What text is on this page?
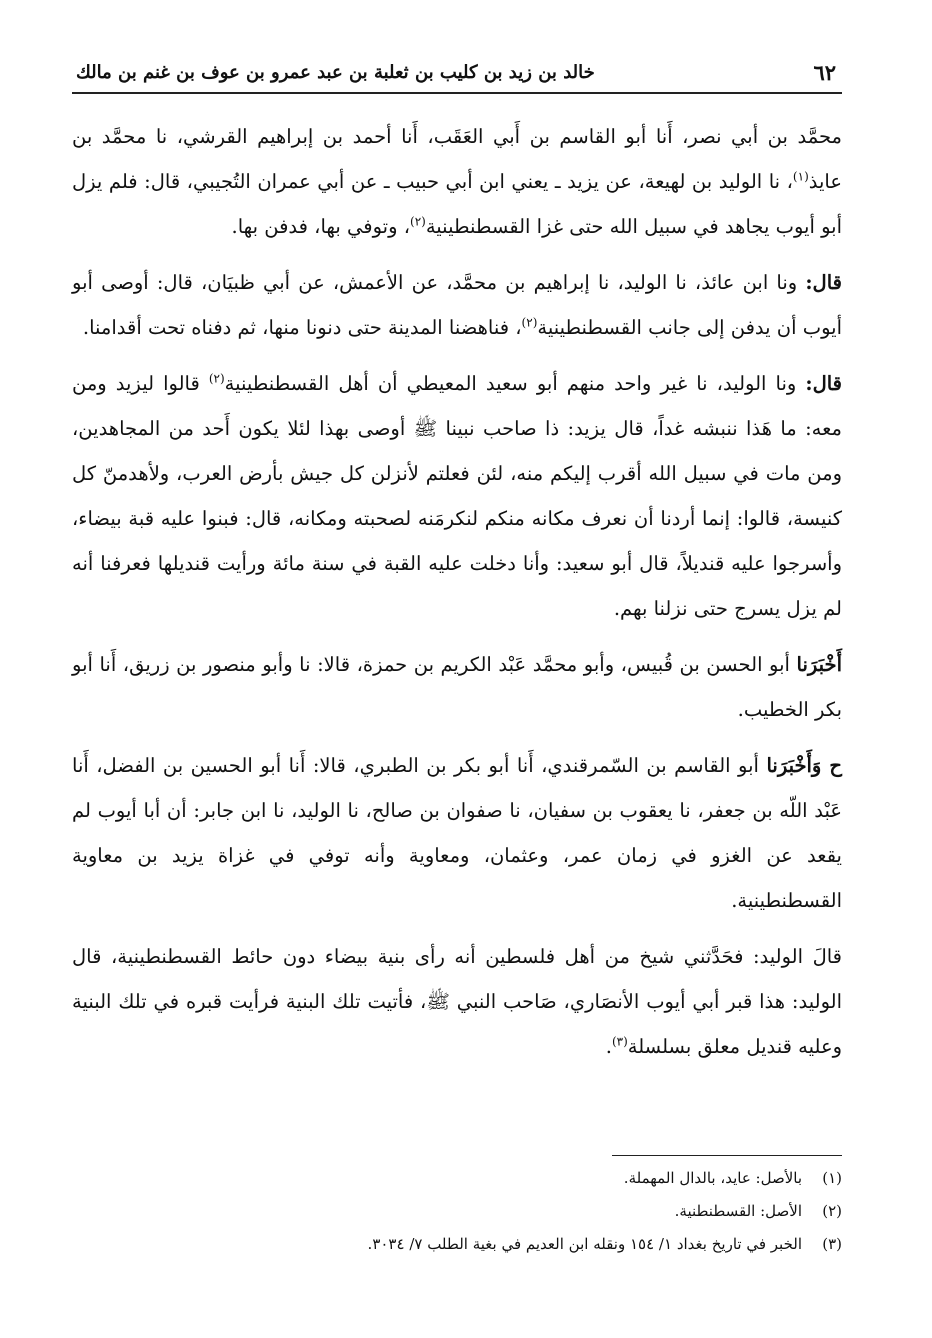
٦٢
خالد بن زيد بن كليب بن ثعلبة بن عبد عمرو بن عوف بن غنم بن مالك

محمَّد بن أبي نصر، أَنا أبو القاسم بن أَبي العَقَب، أَنا أحمد بن إبراهيم القرشي، نا محمَّد بن عايذ$^{(١)}$، نا الوليد بن لهيعة، عن يزيد ـ يعني ابن أبي حبيب ـ عن أبي عمران التُجيبي، قال: فلم يزل أبو أيوب يجاهد في سبيل الله حتى غزا القسطنطينية$^{(٢)}$، وتوفي بها، فدفن بها.

قال: ونا ابن عائذ، نا الوليد، نا إبراهيم بن محمَّد، عن الأعمش، عن أبي ظبيَان، قال: أوصى أبو أيوب أن يدفن إلى جانب القسطنطينية$^{(٢)}$، فناهضنا المدينة حتى دنونا منها، ثم دفناه تحت أقدامنا.

قال: ونا الوليد، نا غير واحد منهم أبو سعيد المعيطي أن أهل القسطنطينية$^{(٢)}$ قالوا ليزيد ومن معه: ما هَذا ننبشه غداً، قال يزيد: ذا صاحب نبينا ﷺ أوصى بهذا لئلا يكون أَحد من المجاهدين، ومن مات في سبيل الله أقرب إليكم منه، لئن فعلتم لأنزلن كل جيش بأرض العرب، ولأهدمنّ كل كنيسة، قالوا: إنما أردنا أن نعرف مكانه منكم لنكرمَنه لصحبته ومكانه، قال: فبنوا عليه قبة بيضاء، وأسرجوا عليه قنديلاً، قال أبو سعيد: وأنا دخلت عليه القبة في سنة مائة ورأيت قنديلها فعرفنا أنه لم يزل يسرج حتى نزلنا بهم.

أَخْبَرَنا أبو الحسن بن قُبيس، وأبو محمَّد عَبْد الكريم بن حمزة، قالا: نا وأبو منصور بن زريق، أَنا أبو بكر الخطيب.

ح وَأَخْبَرَنا أبو القاسم بن السّمرقندي، أَنا أبو بكر بن الطبري، قالا: أَنا أبو الحسين بن الفضل، أَنا عَبْد اللّه بن جعفر، نا يعقوب بن سفيان، نا صفوان بن صالح، نا الوليد، نا ابن جابر: أن أبا أيوب لم يقعد عن الغزو في زمان عمر، وعثمان، ومعاوية وأنه توفي في غزاة يزيد بن معاوية القسطنطينية.

قالَ الوليد: فحَدَّثني شيخ من أهل فلسطين أنه رأى بنية بيضاء دون حائط القسطنطينية، قال الوليد: هذا قبر أبي أيوب الأنصَاري، صَاحب النبي ﷺ، فأتيت تلك البنية فرأيت قبره في تلك البنية وعليه قنديل معلق بسلسلة$^{(٣)}$.

(١)
بالأصل: عايد، بالدال المهملة.
(٢)
الأصل: القسطنطنية.
(٣)
الخبر في تاريخ بغداد ١/ ١٥٤ ونقله ابن العديم في بغية الطلب ٧/ ٣٠٣٤.
